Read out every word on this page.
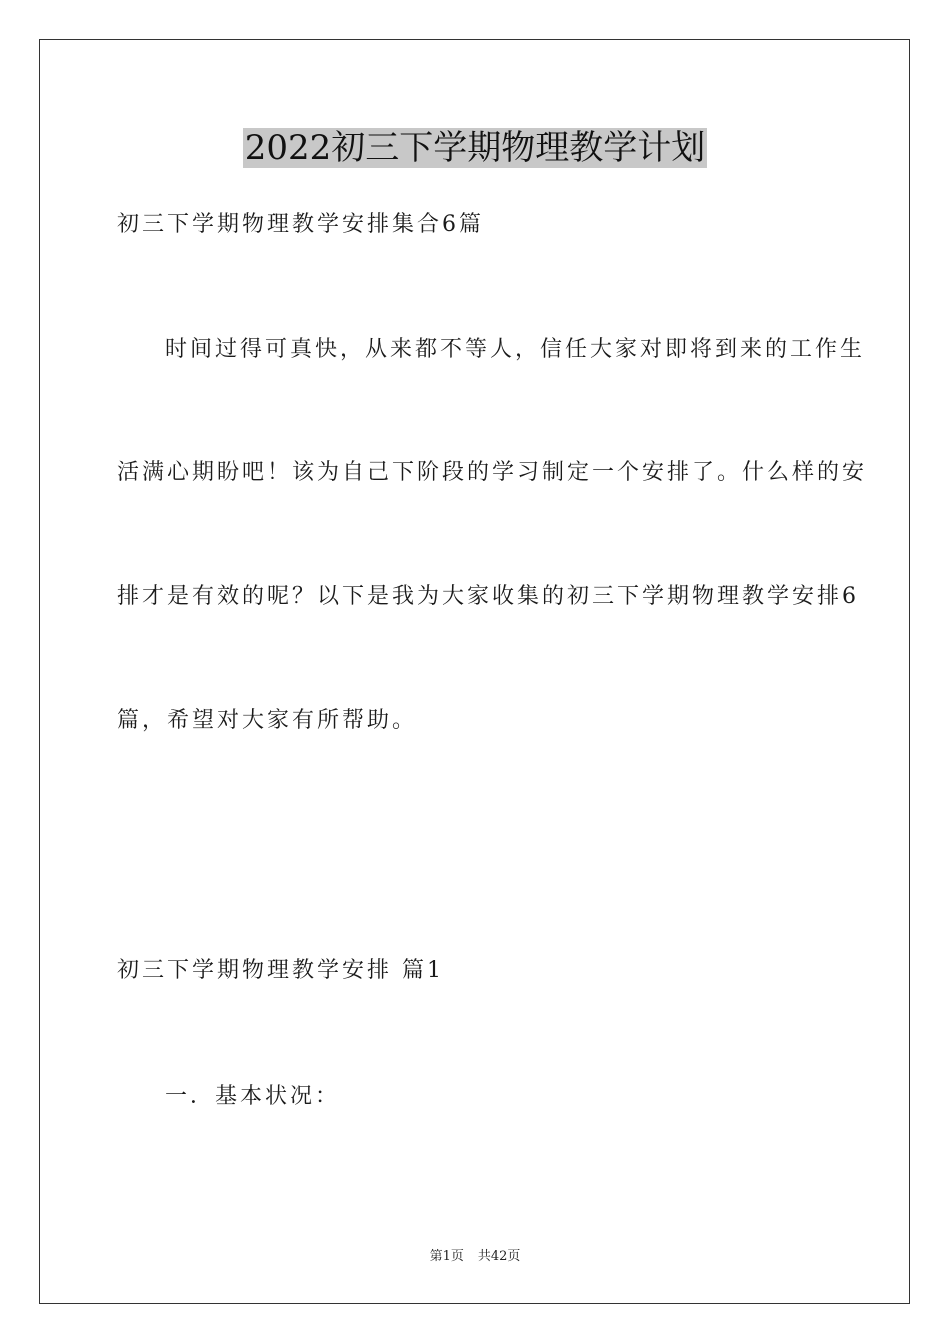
2022初三下学期物理教学计划
初三下学期物理教学安排集合6篇
时间过得可真快，从来都不等人，信任大家对即将到来的工作生
活满心期盼吧！该为自己下阶段的学习制定一个安排了。什么样的安
排才是有效的呢？以下是我为大家收集的初三下学期物理教学安排6
篇，希望对大家有所帮助。
初三下学期物理教学安排 篇1
一．基本状况：
第1页 共42页
